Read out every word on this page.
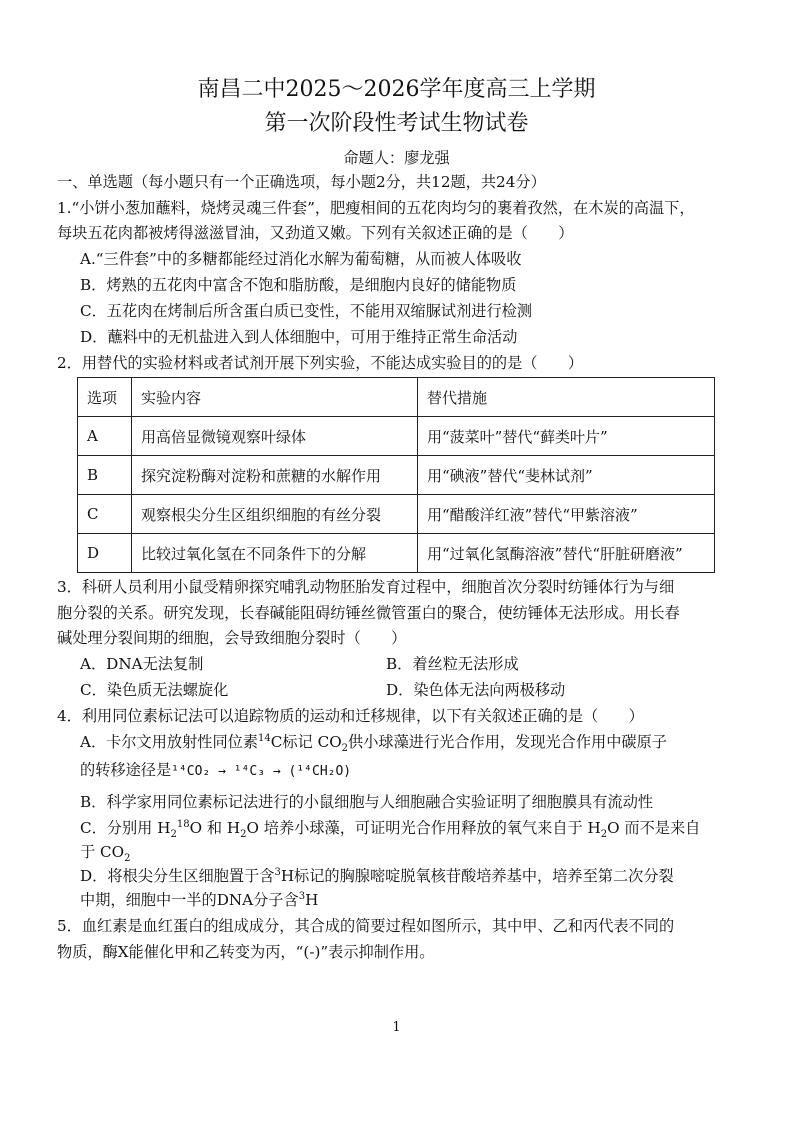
南昌二中2025～2026学年度高三上学期
第一次阶段性考试生物试卷
命题人：廖龙强
一、单选题（每小题只有一个正确选项，每小题2分，共12题，共24分）
1.“小饼小葱加蘸料，烧烤灵魂三件套”，肥瘦相间的五花肉均匀的裹着孜然，在木炭的高温下，
每块五花肉都被烤得滋滋冒油，又劲道又嫩。下列有关叙述正确的是（　　）
A.“三件套”中的多糖都能经过消化水解为葡萄糖，从而被人体吸收
B．烤熟的五花肉中富含不饱和脂肪酸，是细胞内良好的储能物质
C．五花肉在烤制后所含蛋白质已变性，不能用双缩脲试剂进行检测
D．蘸料中的无机盐进入到人体细胞中，可用于维持正常生命活动
2．用替代的实验材料或者试剂开展下列实验，不能达成实验目的的是（　　）
选项	实验内容	替代措施
A	用高倍显微镜观察叶绿体	用“菠菜叶”替代“藓类叶片”
B	探究淀粉酶对淀粉和蔗糖的水解作用	用“碘液”替代“斐林试剂”
C	观察根尖分生区组织细胞的有丝分裂	用“醋酸洋红液”替代“甲紫溶液”
D	比较过氧化氢在不同条件下的分解	用“过氧化氢酶溶液”替代“肝脏研磨液”
3．科研人员利用小鼠受精卵探究哺乳动物胚胎发育过程中，细胞首次分裂时纺锤体行为与细
胞分裂的关系。研究发现，长春碱能阻碍纺锤丝微管蛋白的聚合，使纺锤体无法形成。用长春
碱处理分裂间期的细胞，会导致细胞分裂时（　　）
A．DNA无法复制	B．着丝粒无法形成
C．染色质无法螺旋化	D．染色体无法向两极移动
4．利用同位素标记法可以追踪物质的运动和迁移规律，以下有关叙述正确的是（　　）
A．卡尔文用放射性同位素$^{14}$C标记 $CO_2$供小球藻进行光合作用，发现光合作用中碳原子
的转移途径是¹⁴CO₂ → ¹⁴C₃ → (¹⁴CH₂O)
B．科学家用同位素标记法进行的小鼠细胞与人细胞融合实验证明了细胞膜具有流动性
C．分别用 $H_2^{18}O$ 和 $H_2O$ 培养小球藻，可证明光合作用释放的氧气来自于 $H_2O$ 而不是来自
于 $CO_2$
D．将根尖分生区细胞置于含$^3$H标记的胸腺嘧啶脱氧核苷酸培养基中，培养至第二次分裂
中期，细胞中一半的DNA分子含$^3$H
5．血红素是血红蛋白的组成成分，其合成的简要过程如图所示，其中甲、乙和丙代表不同的
物质，酶X能催化甲和乙转变为丙，“(-)”表示抑制作用。
1
